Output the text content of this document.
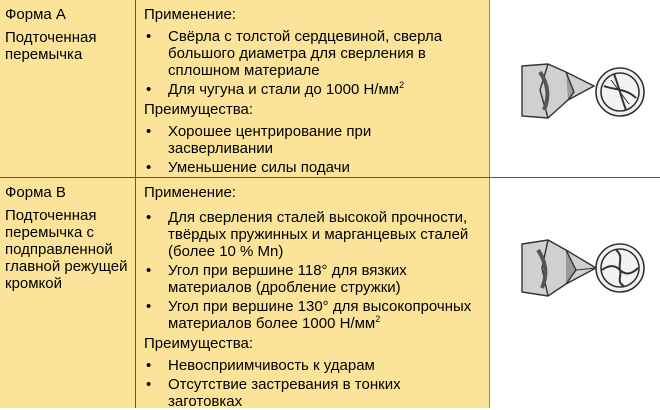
Форма A
Подточенная перемычка
Применение:
• Свёрла с толстой сердцевиной, сверла большого диаметра для сверления в сплошном материале
• Для чугуна и стали до 1000 $Н/мм^2$
Преимущества:
• Хорошее центрирование при засверливании
• Уменьшение силы подачи
Форма B
Подточенная перемычка с подправленной главной режущей кромкой
Применение:
• Для сверления сталей высокой прочности, твёрдых пружинных и марганцевых сталей (более 10 % Mn)
• Угол при вершине 118° для вязких материалов (дробление стружки)
• Угол при вершине 130° для высокопрочных материалов более 1000 $Н/мм^2$
Преимущества:
• Невосприимчивость к ударам
• Отсутствие застревания в тонких заготовках
